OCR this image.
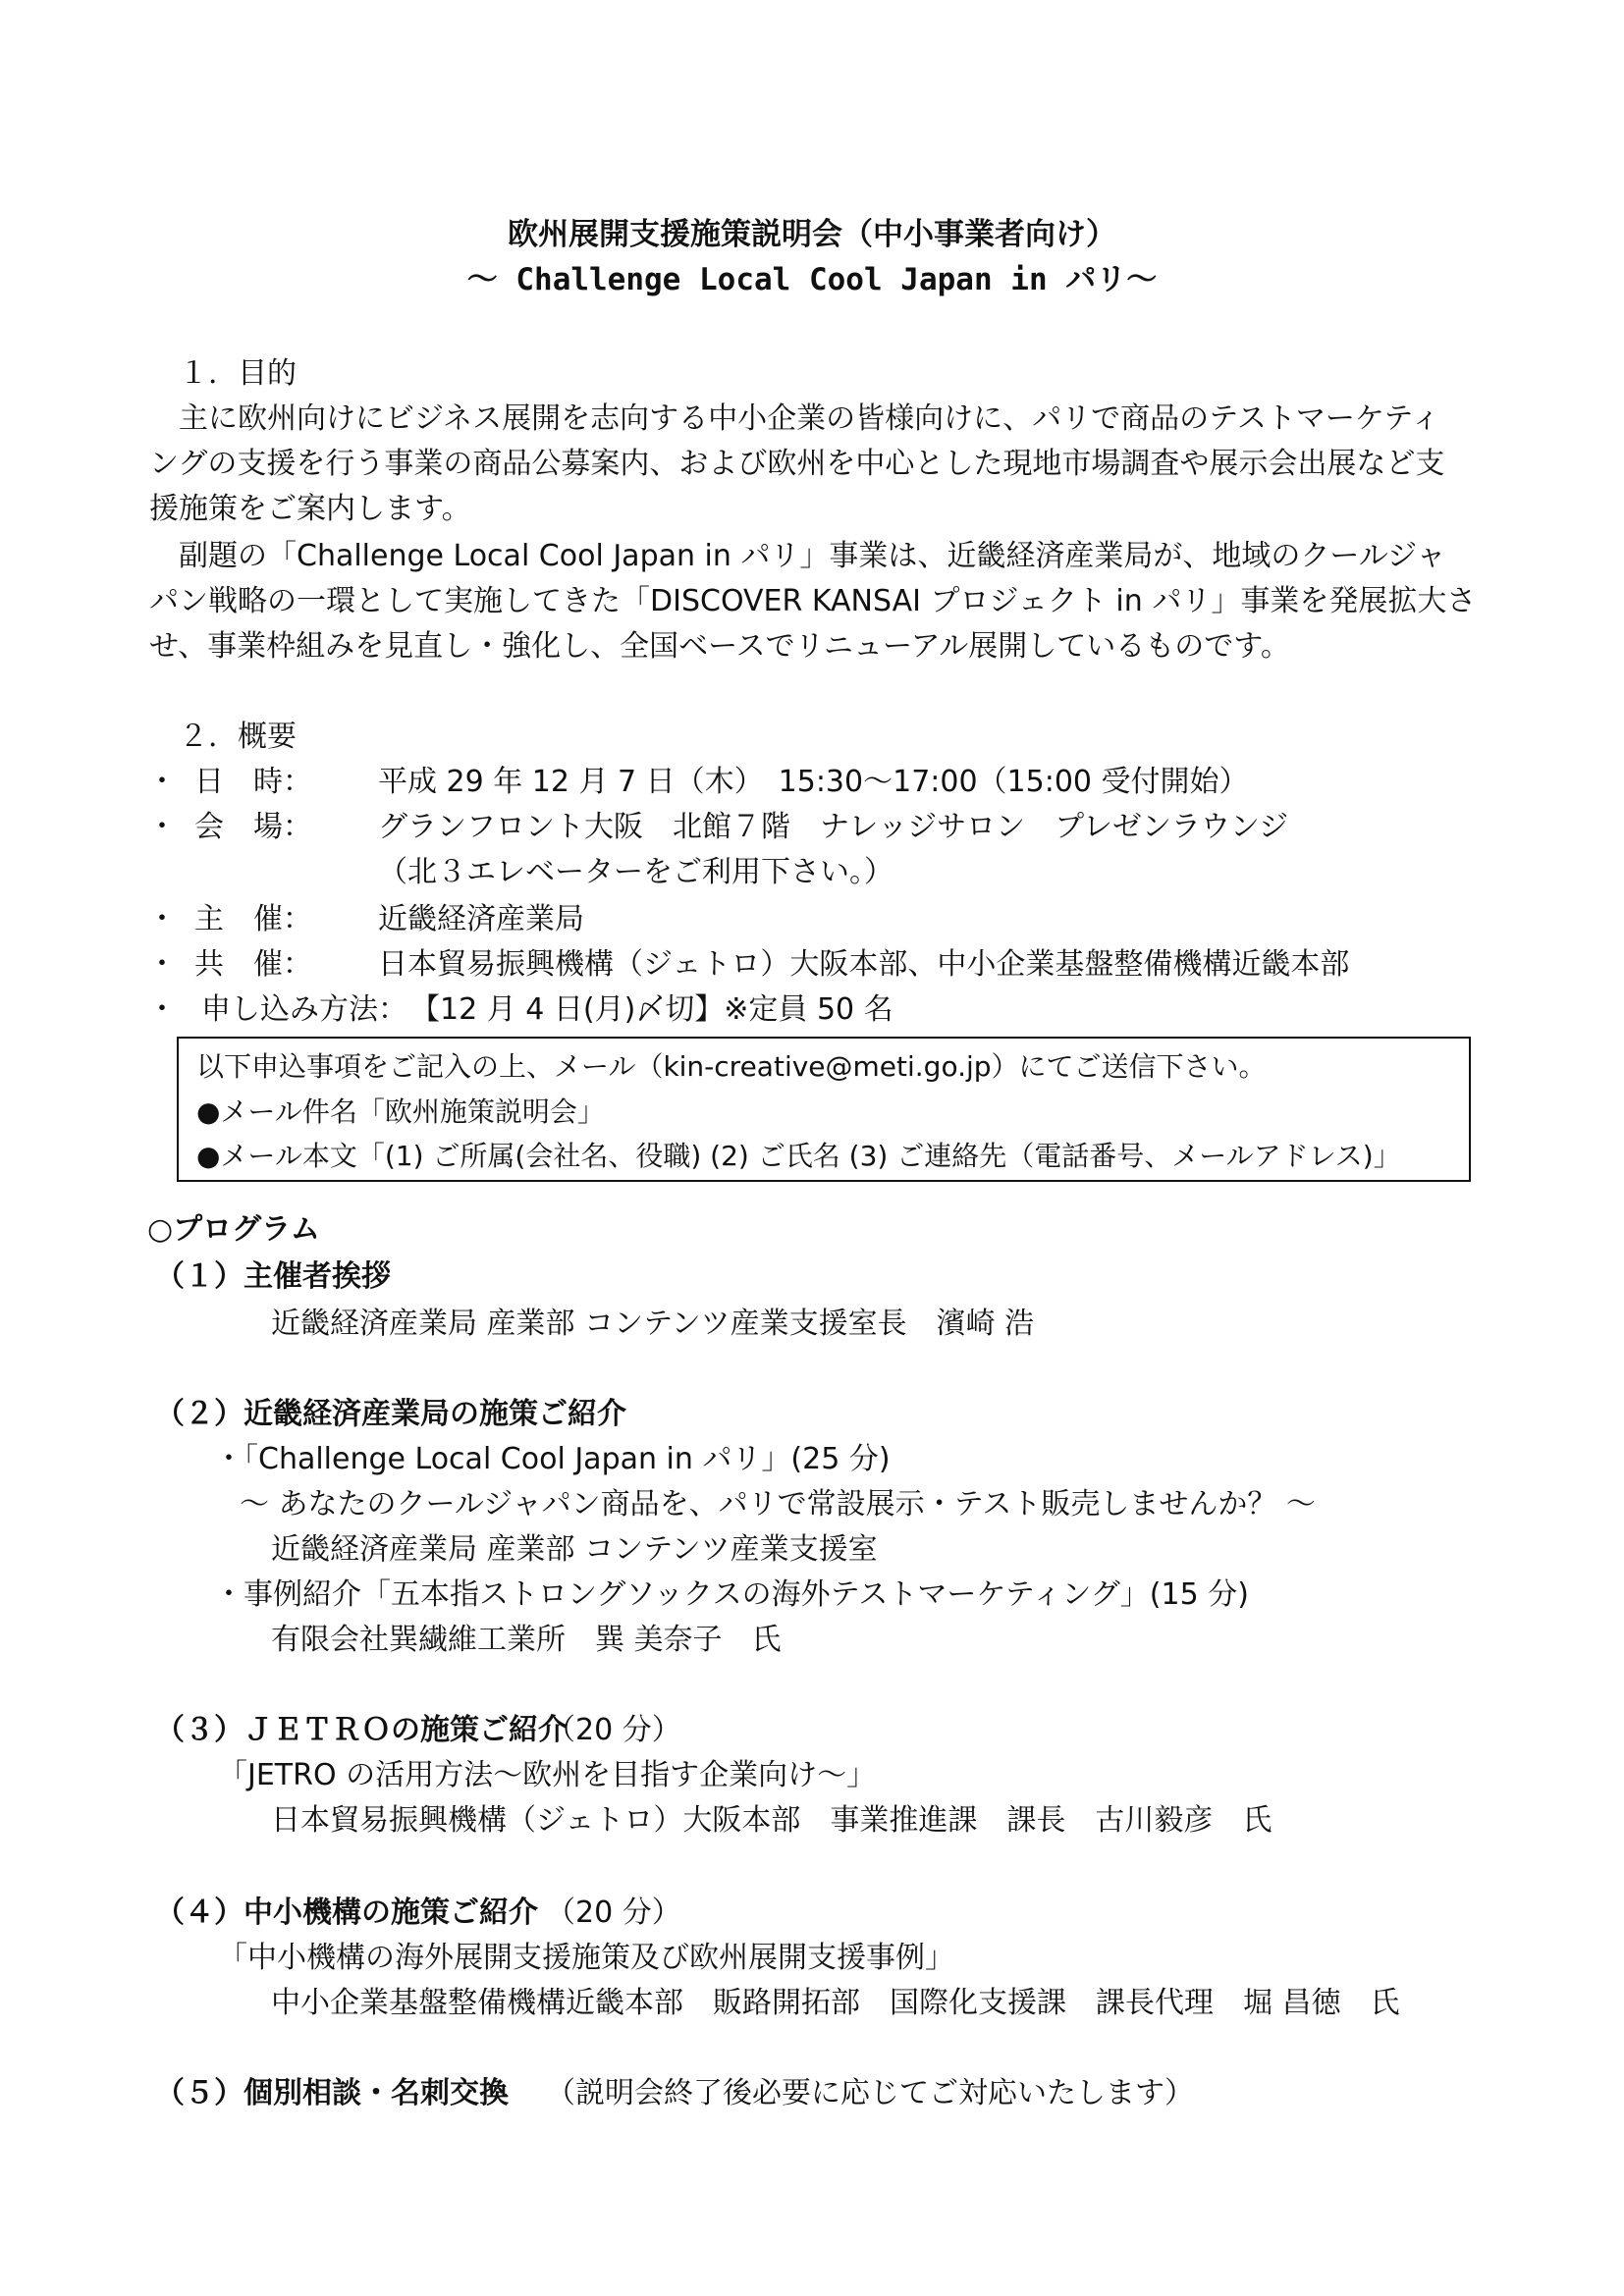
欧州展開支援施策説明会（中小事業者向け）
〜 Challenge Local Cool Japan in パリ〜
１．目的
　主に欧州向けにビジネス展開を志向する中小企業の皆様向けに、パリで商品のテストマーケティ
ングの支援を行う事業の商品公募案内、および欧州を中心とした現地市場調査や展示会出展など支
援施策をご案内します。
　副題の「Challenge Local Cool Japan in パリ」事業は、近畿経済産業局が、地域のクールジャ
パン戦略の一環として実施してきた「DISCOVER KANSAI プロジェクト in パリ」事業を発展拡大さ
せ、事業枠組みを見直し・強化し、全国ベースでリニューアル展開しているものです。
２．概要
・ 日　時： 平成 29 年 12 月 7 日（木）　15:30〜17:00（15:00 受付開始）
・ 会　場： グランフロント大阪　北館７階　ナレッジサロン　プレゼンラウンジ
（北３エレベーターをご利用下さい。）
・ 主　催： 近畿経済産業局
・ 共　催： 日本貿易振興機構（ジェトロ）大阪本部、中小企業基盤整備機構近畿本部
・ 申し込み方法： 【12 月 4 日(月)〆切】※定員 50 名
以下申込事項をご記入の上、メール（kin-creative@meti.go.jp）にてご送信下さい。
●メール件名「欧州施策説明会」
●メール本文「(1) ご所属(会社名、役職) (2) ご氏名 (3) ご連絡先（電話番号、メールアドレス)」
○プログラム
（１）主催者挨拶
近畿経済産業局 産業部 コンテンツ産業支援室長　濱崎 浩
（２）近畿経済産業局の施策ご紹介
・「Challenge Local Cool Japan in パリ」(25 分)
〜 あなたのクールジャパン商品を、パリで常設展示・テスト販売しませんか？ 〜
近畿経済産業局 産業部 コンテンツ産業支援室
・事例紹介「五本指ストロングソックスの海外テストマーケティング」(15 分)
有限会社巽繊維工業所　巽 美奈子　氏
（３）ＪＥＴＲＯの施策ご紹介
（20 分）
「JETRO の活用方法〜欧州を目指す企業向け〜」
日本貿易振興機構（ジェトロ）大阪本部　事業推進課　課長　古川毅彦　氏
（４）中小機構の施策ご紹介 （20 分）
「中小機構の海外展開支援施策及び欧州展開支援事例」
中小企業基盤整備機構近畿本部　販路開拓部　国際化支援課　課長代理　堀 昌徳　氏
（５）個別相談・名刺交換 （説明会終了後必要に応じてご対応いたします）
